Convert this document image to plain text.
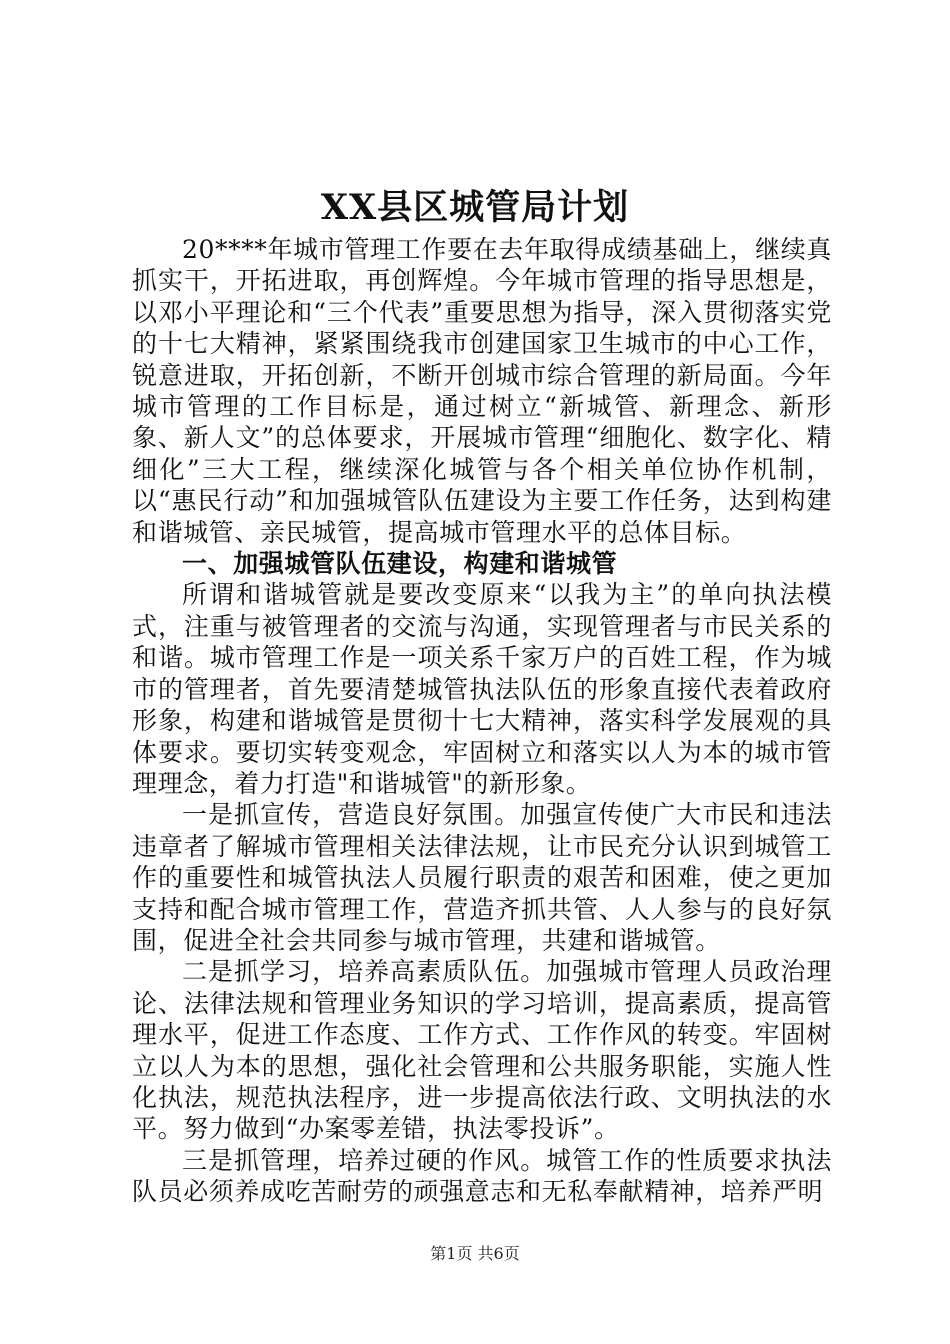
XX县区城管局计划

20****年城市管理工作要在去年取得成绩基础上，继续真抓实干，开拓进取，再创辉煌。今年城市管理的指导思想是，以邓小平理论和“三个代表”重要思想为指导，深入贯彻落实党的十七大精神，紧紧围绕我市创建国家卫生城市的中心工作，锐意进取，开拓创新，不断开创城市综合管理的新局面。今年城市管理的工作目标是，通过树立“新城管、新理念、新形象、新人文”的总体要求，开展城市管理“细胞化、数字化、精细化”三大工程，继续深化城管与各个相关单位协作机制，以“惠民行动”和加强城管队伍建设为主要工作任务，达到构建和谐城管、亲民城管，提高城市管理水平的总体目标。

一、加强城管队伍建设，构建和谐城管

所谓和谐城管就是要改变原来“以我为主”的单向执法模式，注重与被管理者的交流与沟通，实现管理者与市民关系的和谐。城市管理工作是一项关系千家万户的百姓工程，作为城市的管理者，首先要清楚城管执法队伍的形象直接代表着政府形象，构建和谐城管是贯彻十七大精神，落实科学发展观的具体要求。要切实转变观念，牢固树立和落实以人为本的城市管理理念，着力打造"和谐城管"的新形象。

一是抓宣传，营造良好氛围。加强宣传使广大市民和违法违章者了解城市管理相关法律法规，让市民充分认识到城管工作的重要性和城管执法人员履行职责的艰苦和困难，使之更加支持和配合城市管理工作，营造齐抓共管、人人参与的良好氛围，促进全社会共同参与城市管理，共建和谐城管。

二是抓学习，培养高素质队伍。加强城市管理人员政治理论、法律法规和管理业务知识的学习培训，提高素质，提高管理水平，促进工作态度、工作方式、工作作风的转变。牢固树立以人为本的思想，强化社会管理和公共服务职能，实施人性化执法，规范执法程序，进一步提高依法行政、文明执法的水平。努力做到“办案零差错，执法零投诉”。

三是抓管理，培养过硬的作风。城管工作的性质要求执法队员必须养成吃苦耐劳的顽强意志和无私奉献精神，培养严明

第1页 共6页
